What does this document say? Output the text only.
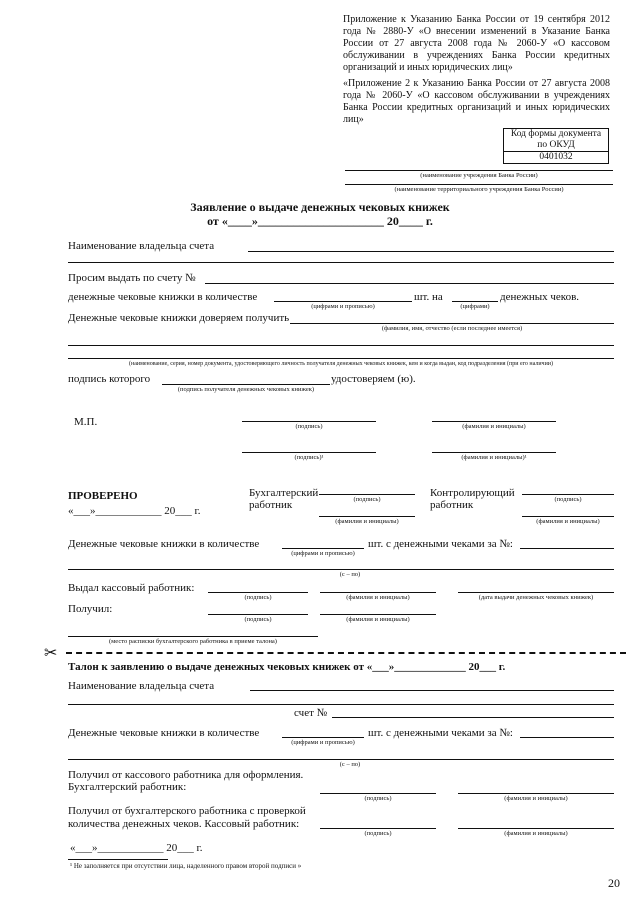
Приложение к Указанию Банка России от 19 сентября 2012 года № 2880-У «О внесении изменений в Указание Банка России от 27 августа 2008 года № 2060-У «О кассовом обслуживании в учреждениях Банка России кредитных организаций и иных юридических лиц»
«Приложение 2 к Указанию Банка России от 27 августа 2008 года № 2060-У «О кассовом обслуживании в учреждениях Банка России кредитных организаций и иных юридических лиц»
Код формы документа
по ОКУД
0401032
(наименование учреждения Банка России)
(наименование территориального учреждения Банка России)
Заявление о выдаче денежных чековых книжек
от «____»_____________________ 20____ г.
Наименование владельца счета
Просим выдать по счету №
денежные чековые книжки в количестве
(цифрами и прописью)
шт. на
(цифрами)
денежных чеков.
Денежные чековые книжки доверяем получить
(фамилия, имя, отчество (если последнее имеется)
(наименование, серия, номер документа, удостоверяющего личность получателя денежных чековых книжек, кем и когда выдан, код подразделения (при его наличии)
подпись которого
(подпись получателя денежных чековых книжек)
удостоверяем (ю).
М.П.	(подпись)	(фамилия и инициалы)
(подпись)¹	(фамилия и инициалы)¹
ПРОВЕРЕНО
«___»____________ 20___ г.
Бухгалтерский
работник	(подпись)
(фамилия и инициалы)
Контролирующий
работник	(подпись)
(фамилия и инициалы)
Денежные чековые книжки в количестве
(цифрами и прописью)
шт. с денежными чеками за №:
(с – по)
Выдал кассовый работник:
(подпись)	(фамилия и инициалы)	(дата выдачи денежных чековых книжек)
Получил:
(подпись)	(фамилия и инициалы)
(место расписки бухгалтерского работника в приеме талона)
✂
Талон к заявлению о выдаче денежных чековых книжек от «___»_____________ 20___ г.
Наименование владельца счета
счет №
Денежные чековые книжки в количестве
(цифрами и прописью)
шт. с денежными чеками за №:
(с – по)
Получил от кассового работника для оформления.
Бухгалтерский работник:
(подпись)	(фамилия и инициалы)
Получил от бухгалтерского работника с проверкой
количества денежных чеков. Кассовый работник:
(подпись)	(фамилия и инициалы)
«___»____________ 20___ г.
¹ Не заполняется при отсутствии лица, наделенного правом второй подписи »
20
